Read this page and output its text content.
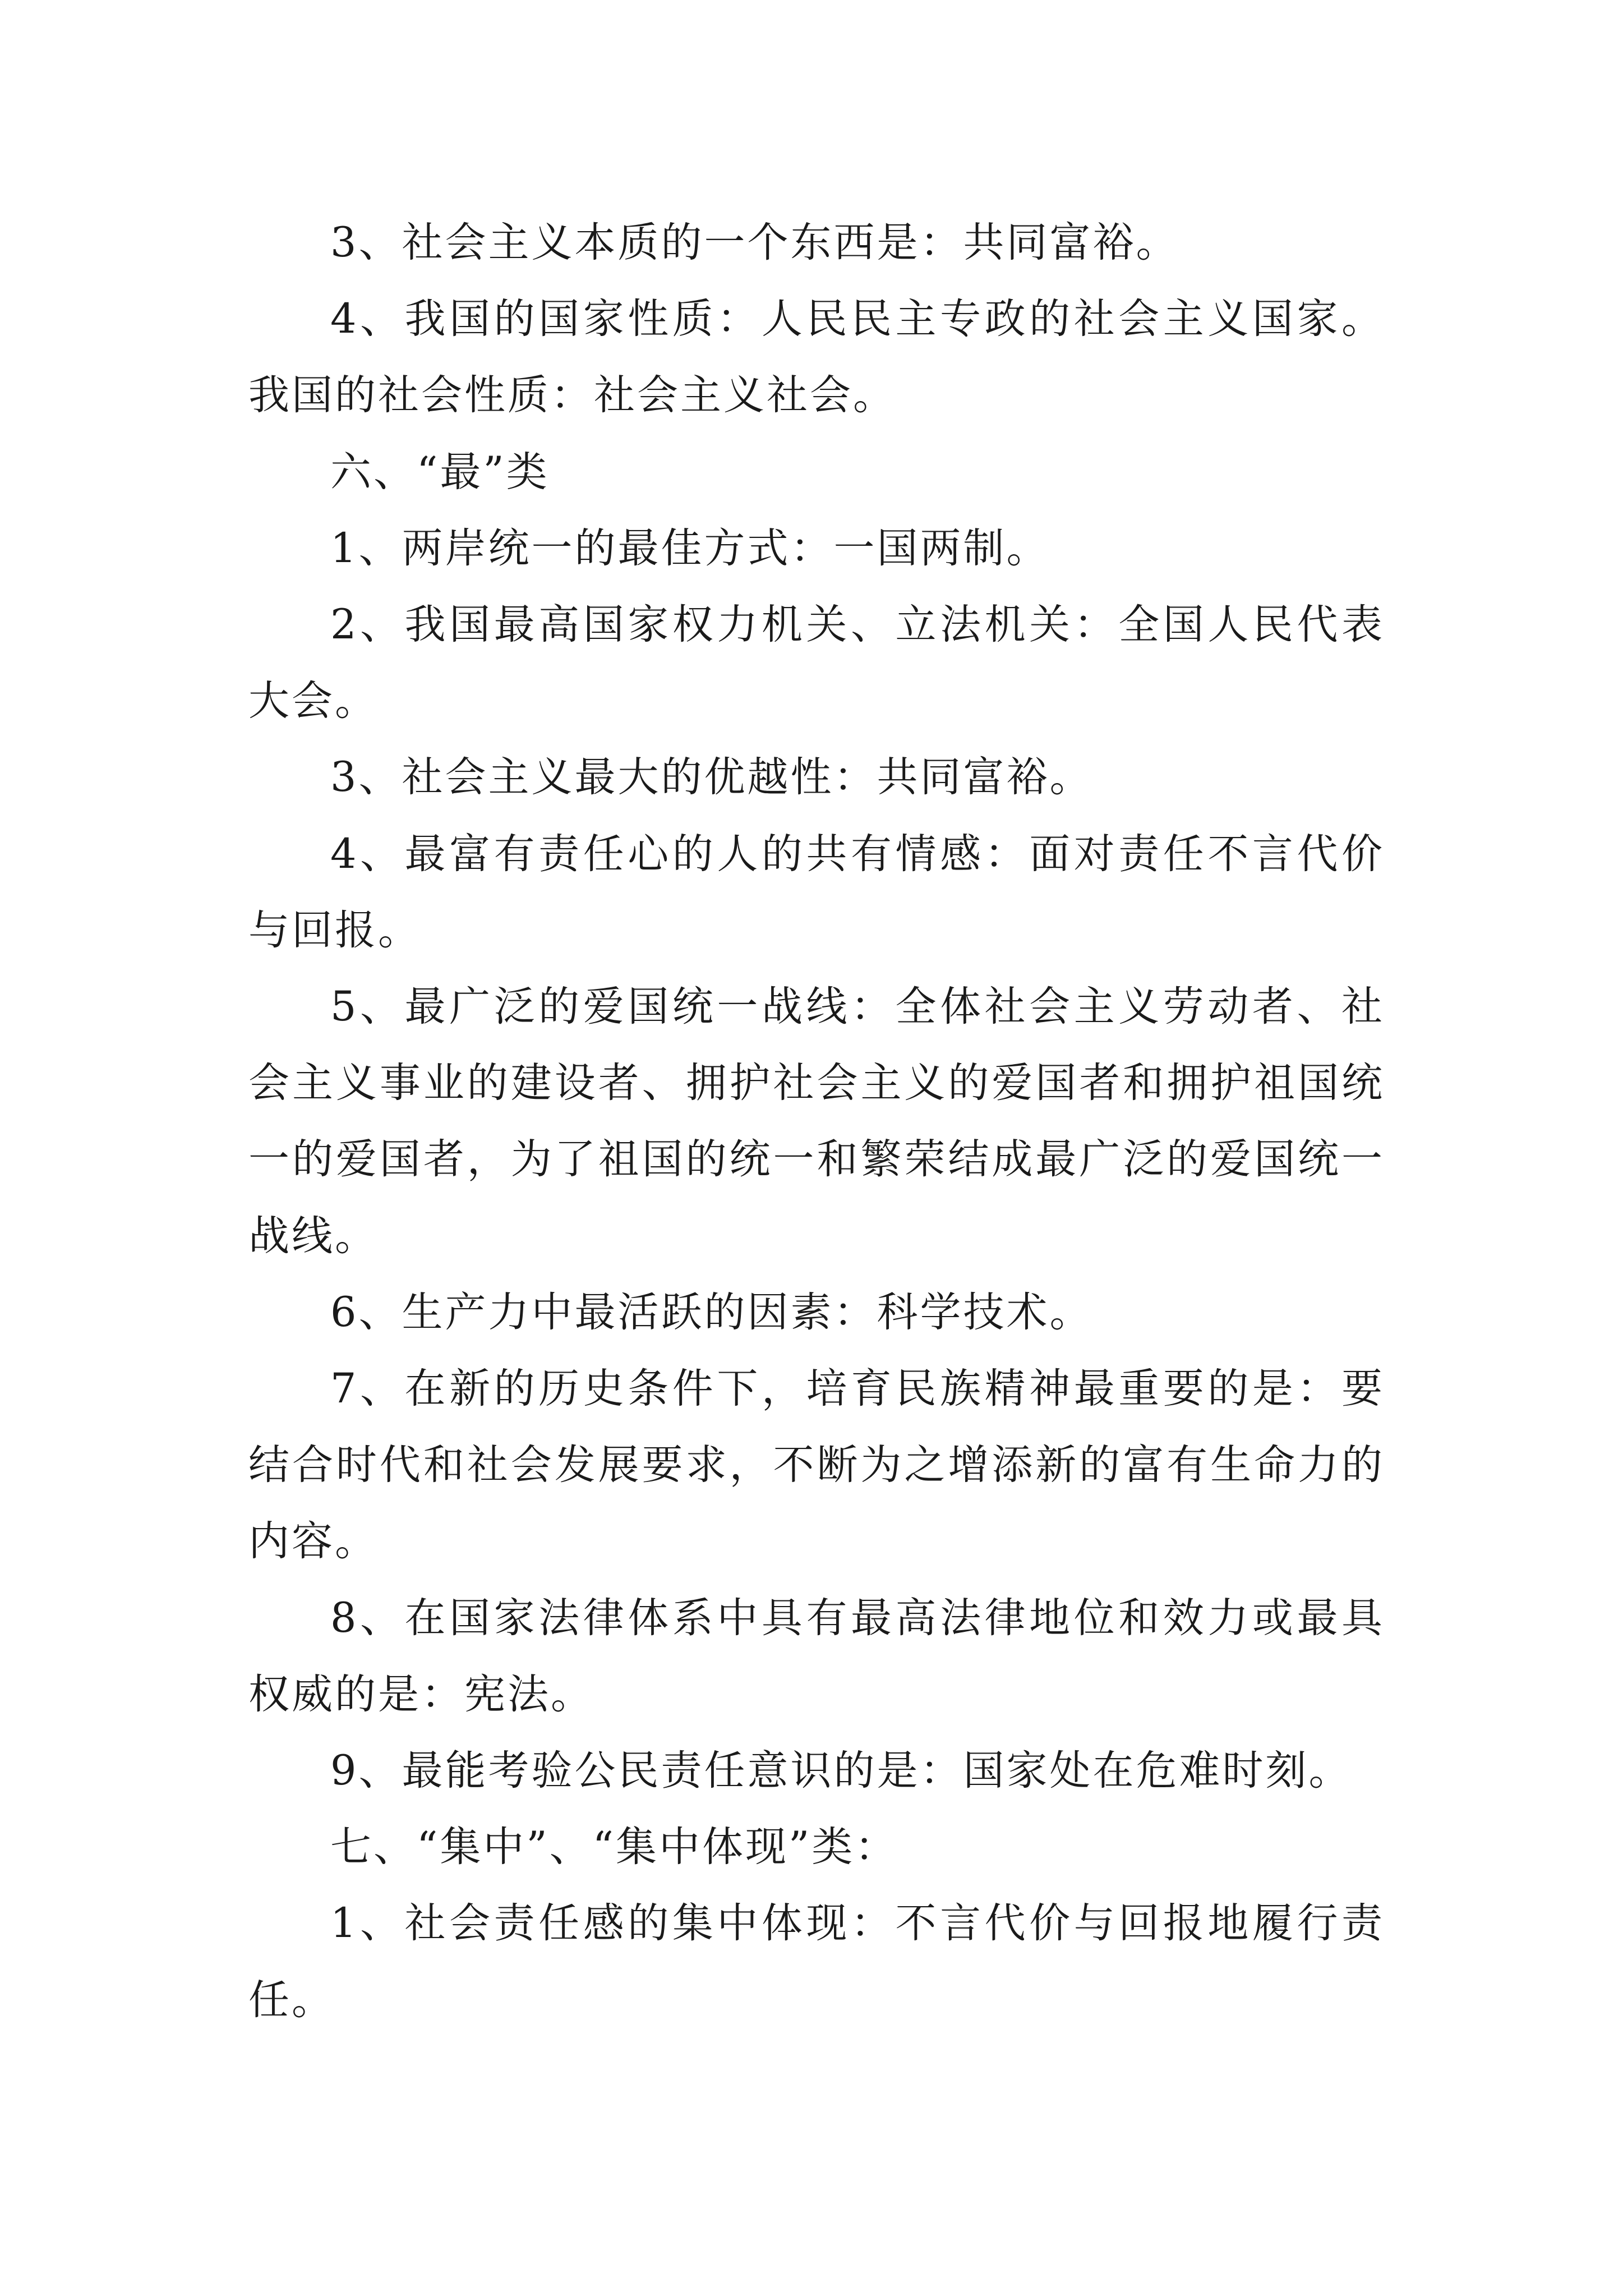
3、社会主义本质的一个东西是：共同富裕。

4、我国的国家性质：人民民主专政的社会主义国家。我国的社会性质：社会主义社会。

六、“最”类

1、两岸统一的最佳方式：一国两制。

2、我国最高国家权力机关、立法机关：全国人民代表大会。

3、社会主义最大的优越性：共同富裕。

4、最富有责任心的人的共有情感：面对责任不言代价与回报。

5、最广泛的爱国统一战线：全体社会主义劳动者、社会主义事业的建设者、拥护社会主义的爱国者和拥护祖国统一的爱国者，为了祖国的统一和繁荣结成最广泛的爱国统一战线。

6、生产力中最活跃的因素：科学技术。

7、在新的历史条件下，培育民族精神最重要的是：要结合时代和社会发展要求，不断为之增添新的富有生命力的内容。

8、在国家法律体系中具有最高法律地位和效力或最具权威的是：宪法。

9、最能考验公民责任意识的是：国家处在危难时刻。

七、“集中”、“集中体现”类：

1、社会责任感的集中体现：不言代价与回报地履行责任。
